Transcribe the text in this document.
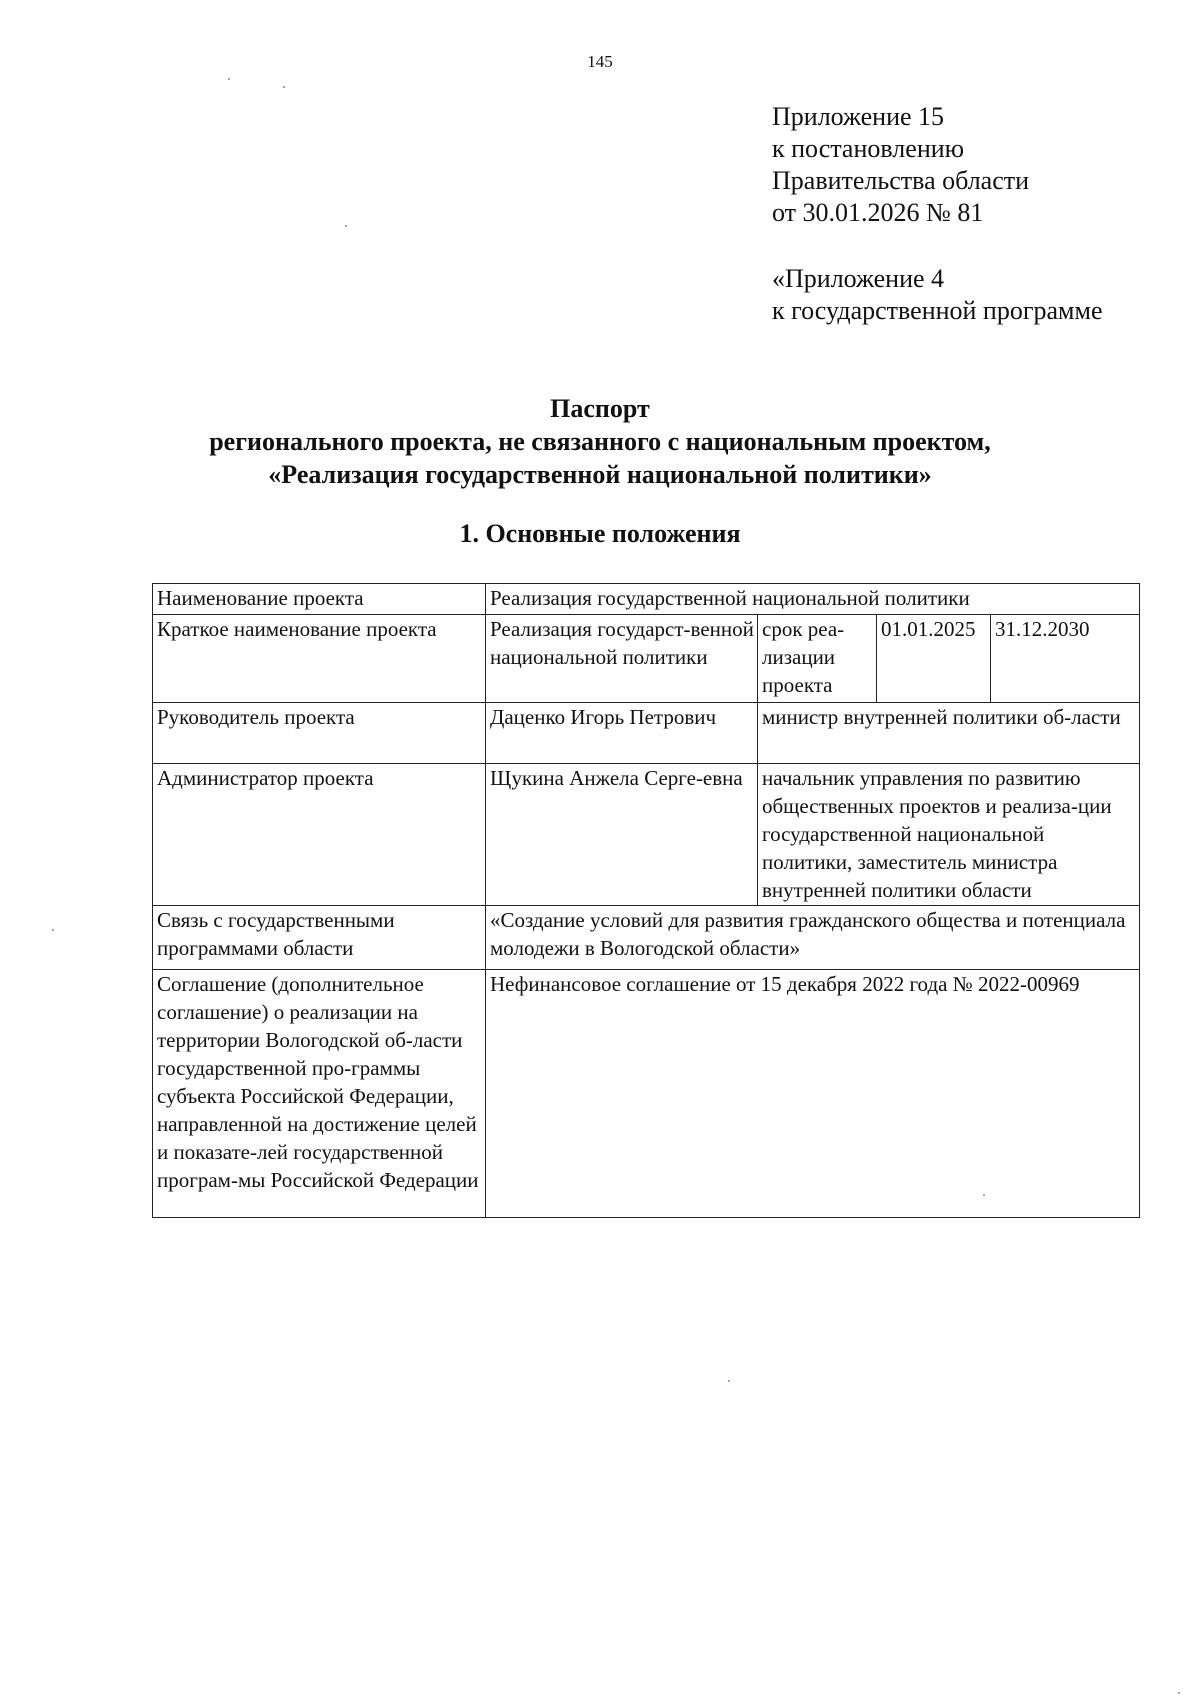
145
Приложение 15
к постановлению
Правительства области
от 30.01.2026 № 81
«Приложение 4
к государственной программе
Паспорт
регионального проекта, не связанного с национальным проектом,
«Реализация государственной национальной политики»
1. Основные положения
Наименование проекта	Реализация государственной национальной политики			
Краткое наименование проекта	Реализация государст-венной национальной политики	срок реа-лизации проекта	01.01.2025	31.12.2030
Руководитель проекта	Даценко Игорь Петрович	министр внутренней политики об-ласти		
Администратор проекта	Щукина Анжела Серге-евна	начальник управления по развитию общественных проектов и реализа-ции государственной национальной политики, заместитель министра внутренней политики области		
Связь с государственными программами области	«Создание условий для развития гражданского общества и потенциала молодежи в Вологодской области»			
Соглашение (дополнительное соглашение) о реализации на территории Вологодской об-ласти государственной про-граммы субъекта Российской Федерации, направленной на достижение целей и показате-лей государственной програм-мы Российской Федерации	Нефинансовое соглашение от 15 декабря 2022 года № 2022-00969			
